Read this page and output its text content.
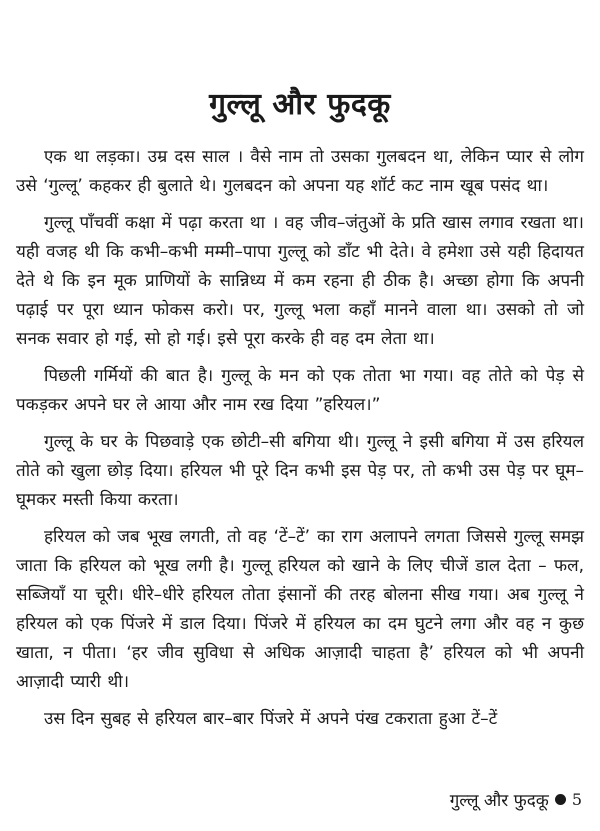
गुल्लू और फुदकू

एक था लड़का। उम्र दस साल । वैसे नाम तो उसका गुलबदन था, लेकिन प्यार से लोग उसे ‘गुल्लू’ कहकर ही बुलाते थे। गुलबदन को अपना यह शॉर्ट कट नाम खूब पसंद था।

गुल्लू पाँचवीं कक्षा में पढ़ा करता था । वह जीव–जंतुओं के प्रति खास लगाव रखता था। यही वजह थी कि कभी–कभी मम्मी–पापा गुल्लू को डाँट भी देते। वे हमेशा उसे यही हिदायत देते थे कि इन मूक प्राणियों के सान्निध्य में कम रहना ही ठीक है। अच्छा होगा कि अपनी पढ़ाई पर पूरा ध्यान फोकस करो। पर, गुल्लू भला कहाँ मानने वाला था। उसको तो जो सनक सवार हो गई, सो हो गई। इसे पूरा करके ही वह दम लेता था।

पिछली गर्मियों की बात है। गुल्लू के मन को एक तोता भा गया। वह तोते को पेड़ से पकड़कर अपने घर ले आया और नाम रख दिया ”हरियल।”

गुल्लू के घर के पिछवाड़े एक छोटी–सी बगिया थी। गुल्लू ने इसी बगिया में उस हरियल तोते को खुला छोड़ दिया। हरियल भी पूरे दिन कभी इस पेड़ पर, तो कभी उस पेड़ पर घूम–घूमकर मस्ती किया करता।

हरियल को जब भूख लगती, तो वह ‘टें–टें’ का राग अलापने लगता जिससे गुल्लू समझ जाता कि हरियल को भूख लगी है। गुल्लू हरियल को खाने के लिए चीजें डाल देता – फल, सब्जियाँ या चूरी। धीरे–धीरे हरियल तोता इंसानों की तरह बोलना सीख गया। अब गुल्लू ने हरियल को एक पिंजरे में डाल दिया। पिंजरे में हरियल का दम घुटने लगा और वह न कुछ खाता, न पीता। ‘हर जीव सुविधा से अधिक आज़ादी चाहता है’ हरियल को भी अपनी आज़ादी प्यारी थी।

उस दिन सुबह से हरियल बार–बार पिंजरे में अपने पंख टकराता हुआ टें–टें

गुल्लू और फुदकू 5
